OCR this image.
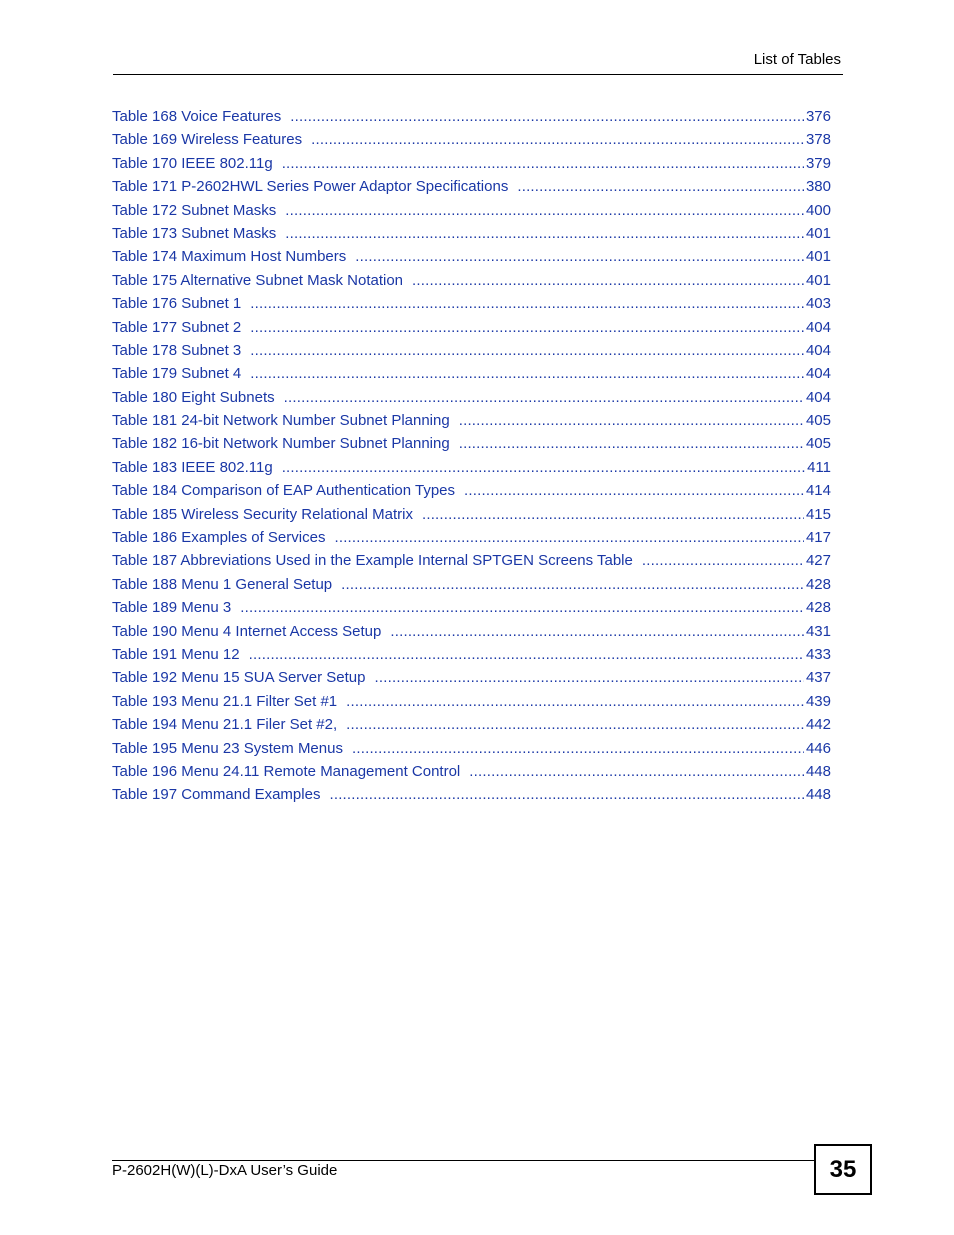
List of Tables
Table 168 Voice Features .....	376
Table 169 Wireless Features .....	378
Table 170 IEEE 802.11g .....	379
Table 171 P-2602HWL Series Power Adaptor Specifications .....	380
Table 172 Subnet Masks .....	400
Table 173 Subnet Masks .....	401
Table 174 Maximum Host Numbers .....	401
Table 175 Alternative Subnet Mask Notation .....	401
Table 176 Subnet 1 .....	403
Table 177 Subnet 2 .....	404
Table 178 Subnet 3 .....	404
Table 179 Subnet 4 .....	404
Table 180 Eight Subnets .....	404
Table 181 24-bit Network Number Subnet Planning .....	405
Table 182 16-bit Network Number Subnet Planning .....	405
Table 183 IEEE 802.11g .....	411
Table 184 Comparison of EAP Authentication Types .....	414
Table 185 Wireless Security Relational Matrix .....	415
Table 186 Examples of Services .....	417
Table 187 Abbreviations Used in the Example Internal SPTGEN Screens Table .....	427
Table 188 Menu 1 General Setup .....	428
Table 189 Menu 3 .....	428
Table 190 Menu 4 Internet Access Setup .....	431
Table 191 Menu 12 .....	433
Table 192 Menu 15 SUA Server Setup .....	437
Table 193 Menu 21.1 Filter Set #1 .....	439
Table 194 Menu 21.1 Filer Set #2, .....	442
Table 195 Menu 23 System Menus .....	446
Table 196 Menu 24.11 Remote Management Control .....	448
Table 197 Command Examples .....	448
P-2602H(W)(L)-DxA User’s Guide	35
